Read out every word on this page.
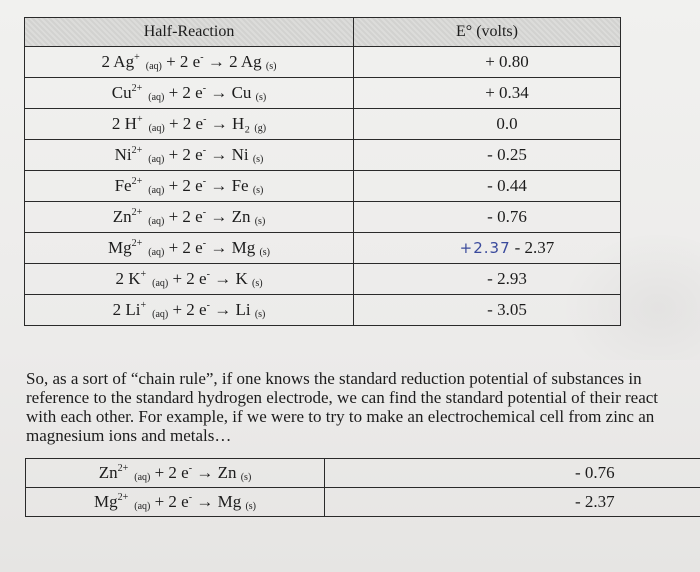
Half-Reaction	E° (volts)
2 $Ag^+_{(aq)} + 2$ e- → 2 Ag $_{(s)}$	+ 0.80
$Cu^{2+}_{(aq)} + 2$ e- → Cu $_{(s)}$	+ 0.34
2 $H^+_{(aq)} + 2$ e- → H₂ $_{(g)}$	0.0
$Ni^{2+}_{(aq)} + 2$ e- → Ni $_{(s)}$	- 0.25
$Fe^{2+}_{(aq)} + 2$ e- → Fe $_{(s)}$	- 0.44
$Zn^{2+}_{(aq)} + 2$ e- → Zn $_{(s)}$	- 0.76
$Mg^{2+}_{(aq)} + 2$ e- → Mg $_{(s)}$	+2.37 - 2.37
2 $K^+_{(aq)} + 2$ e- → K $_{(s)}$	- 2.93
2 $Li^+_{(aq)} + 2$ e- → Li $_{(s)}$	- 3.05
So, as a sort of “chain rule”, if one knows the standard reduction potential of substances in
reference to the standard hydrogen electrode, we can find the standard potential of their react
with each other. For example, if we were to try to make an electrochemical cell from zinc an
magnesium ions and metals…
$Zn^{2+}_{(aq)} + 2$ e- → Zn $_{(s)}$	- 0.76
$Mg^{2+}_{(aq)} + 2$ e- → Mg $_{(s)}$	- 2.37
